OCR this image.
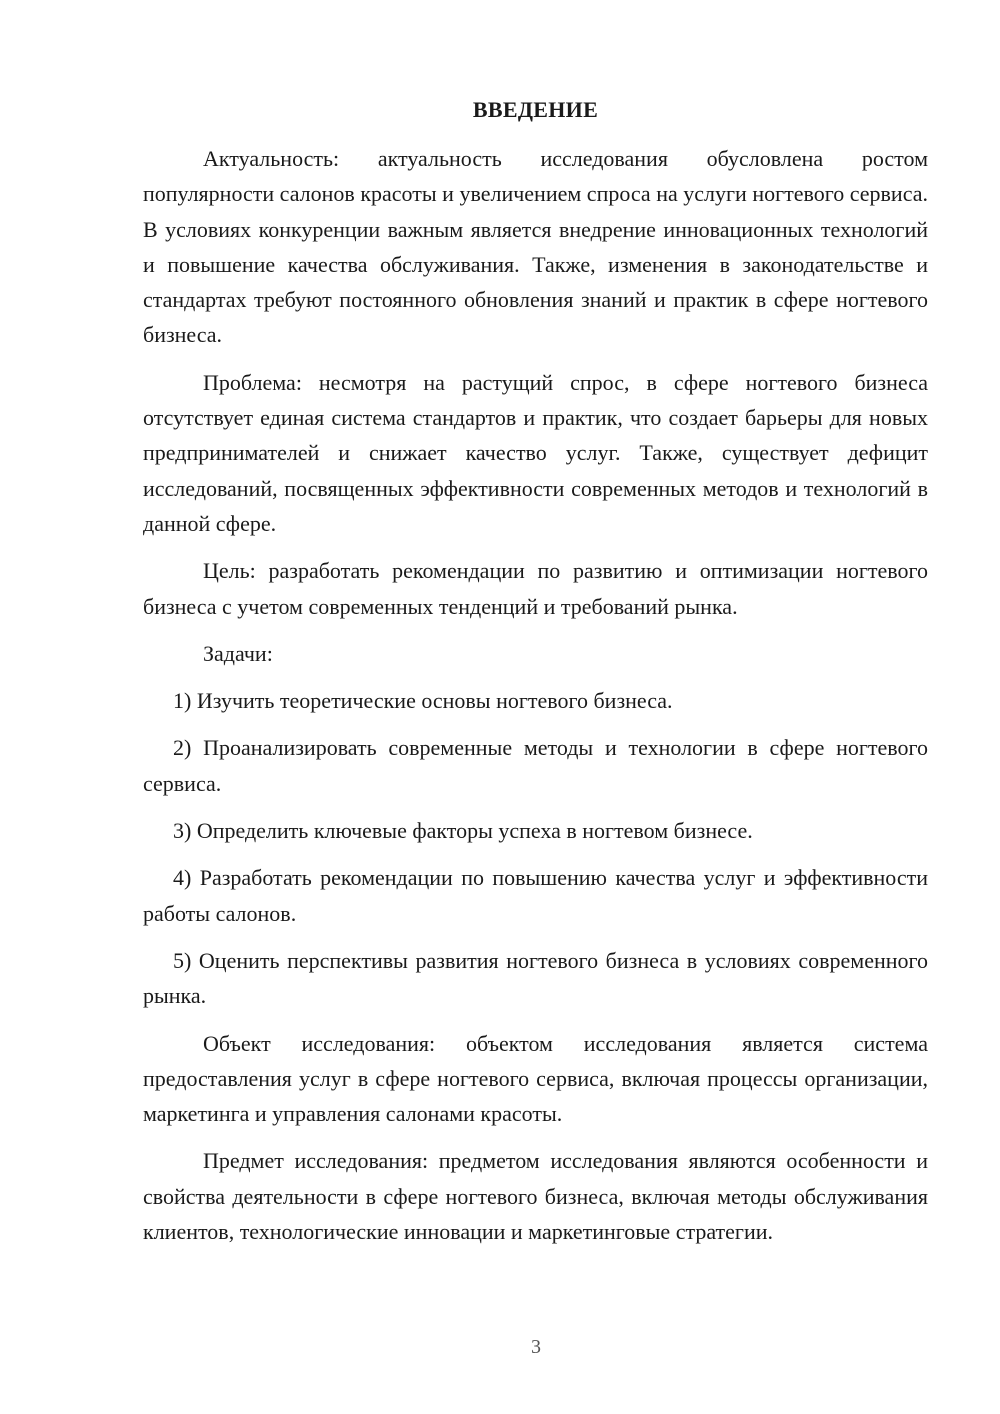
ВВЕДЕНИЕ

Актуальность: актуальность исследования обусловлена ростом популярности салонов красоты и увеличением спроса на услуги ногтевого сервиса. В условиях конкуренции важным является внедрение инновационных технологий и повышение качества обслуживания. Также, изменения в законодательстве и стандартах требуют постоянного обновления знаний и практик в сфере ногтевого бизнеса.

Проблема: несмотря на растущий спрос, в сфере ногтевого бизнеса отсутствует единая система стандартов и практик, что создает барьеры для новых предпринимателей и снижает качество услуг. Также, существует дефицит исследований, посвященных эффективности современных методов и технологий в данной сфере.

Цель: разработать рекомендации по развитию и оптимизации ногтевого бизнеса с учетом современных тенденций и требований рынка.

Задачи:

1) Изучить теоретические основы ногтевого бизнеса.

2) Проанализировать современные методы и технологии в сфере ногтевого сервиса.

3) Определить ключевые факторы успеха в ногтевом бизнесе.

4) Разработать рекомендации по повышению качества услуг и эффективности работы салонов.

5) Оценить перспективы развития ногтевого бизнеса в условиях современного рынка.

Объект исследования: объектом исследования является система предоставления услуг в сфере ногтевого сервиса, включая процессы организации, маркетинга и управления салонами красоты.

Предмет исследования: предметом исследования являются особенности и свойства деятельности в сфере ногтевого бизнеса, включая методы обслуживания клиентов, технологические инновации и маркетинговые стратегии.

3
